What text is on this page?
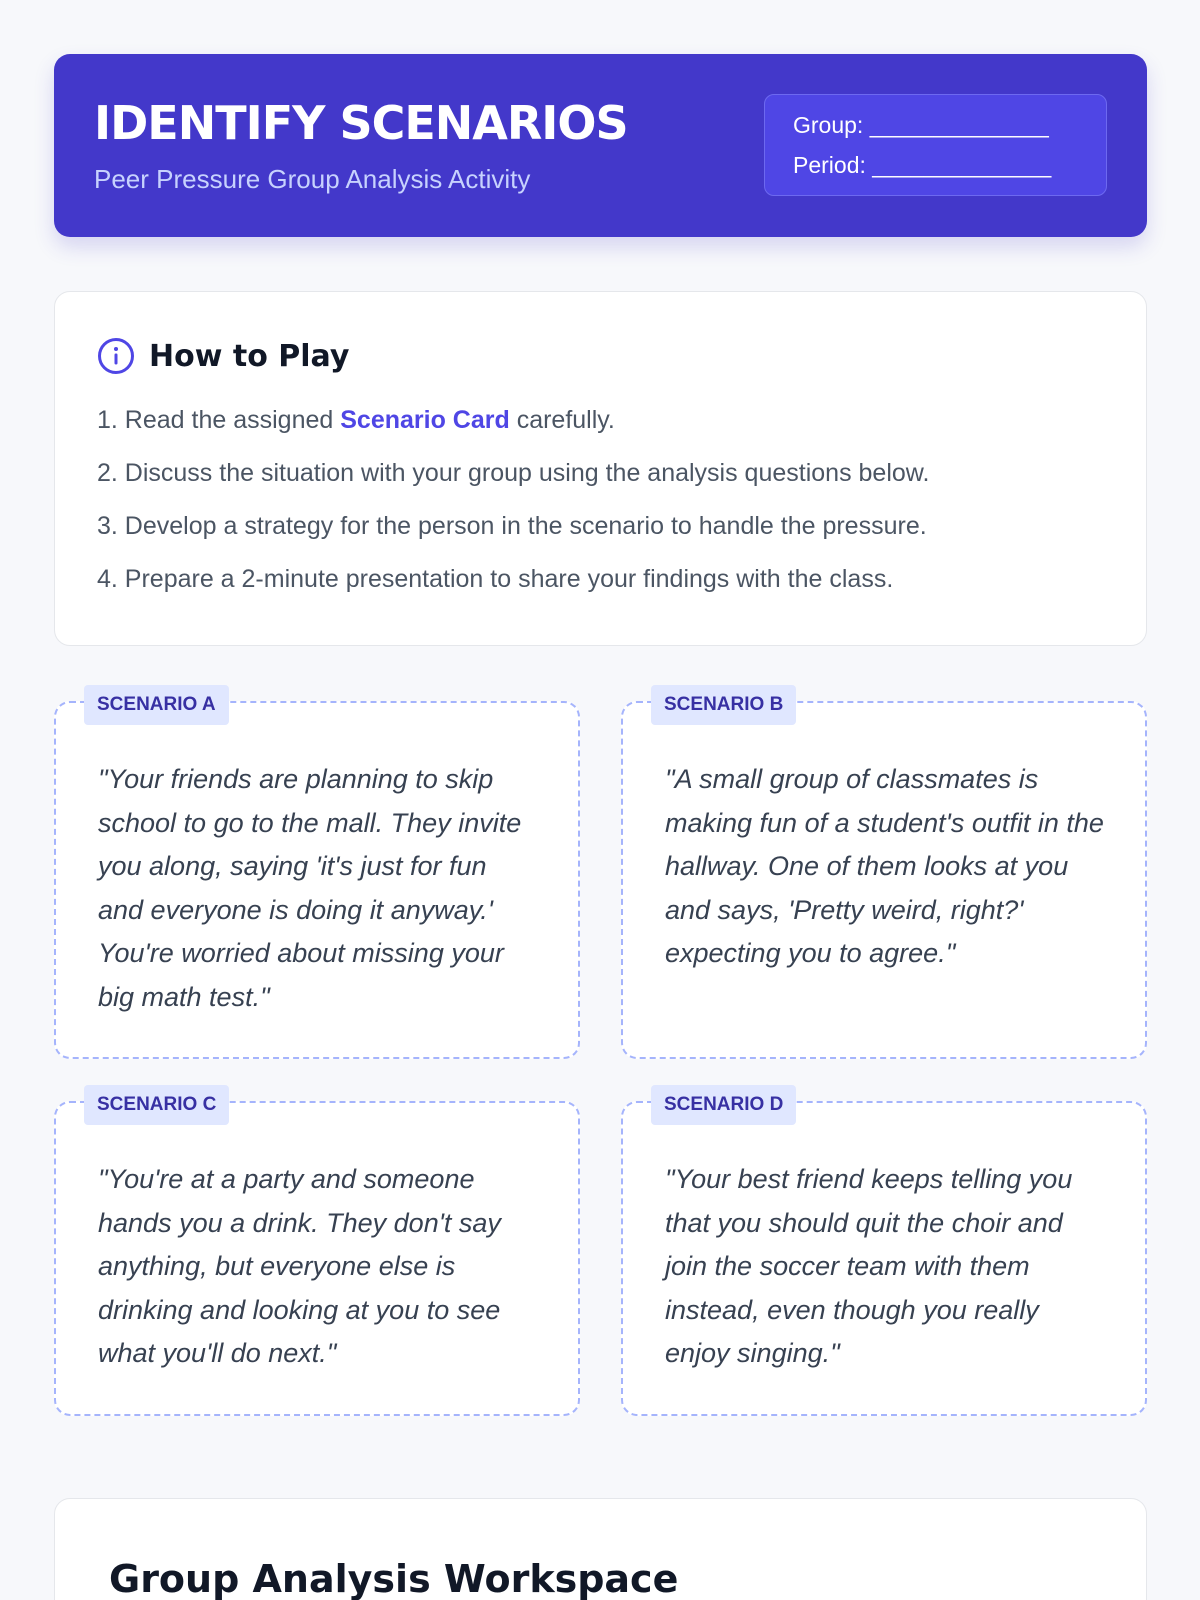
IDENTIFY SCENARIOS
Peer Pressure Group Analysis Activity
Group: ______________
Period: ______________
How to Play
1. Read the assigned Scenario Card carefully.
2. Discuss the situation with your group using the analysis questions below.
3. Develop a strategy for the person in the scenario to handle the pressure.
4. Prepare a 2-minute presentation to share your findings with the class.
SCENARIO A
"Your friends are planning to skip school to go to the mall. They invite you along, saying 'it's just for fun and everyone is doing it anyway.' You're worried about missing your big math test."
SCENARIO B
"A small group of classmates is making fun of a student's outfit in the hallway. One of them looks at you and says, 'Pretty weird, right?' expecting you to agree."
SCENARIO C
"You're at a party and someone hands you a drink. They don't say anything, but everyone else is drinking and looking at you to see what you'll do next."
SCENARIO D
"Your best friend keeps telling you that you should quit the choir and join the soccer team with them instead, even though you really enjoy singing."
Group Analysis Workspace
